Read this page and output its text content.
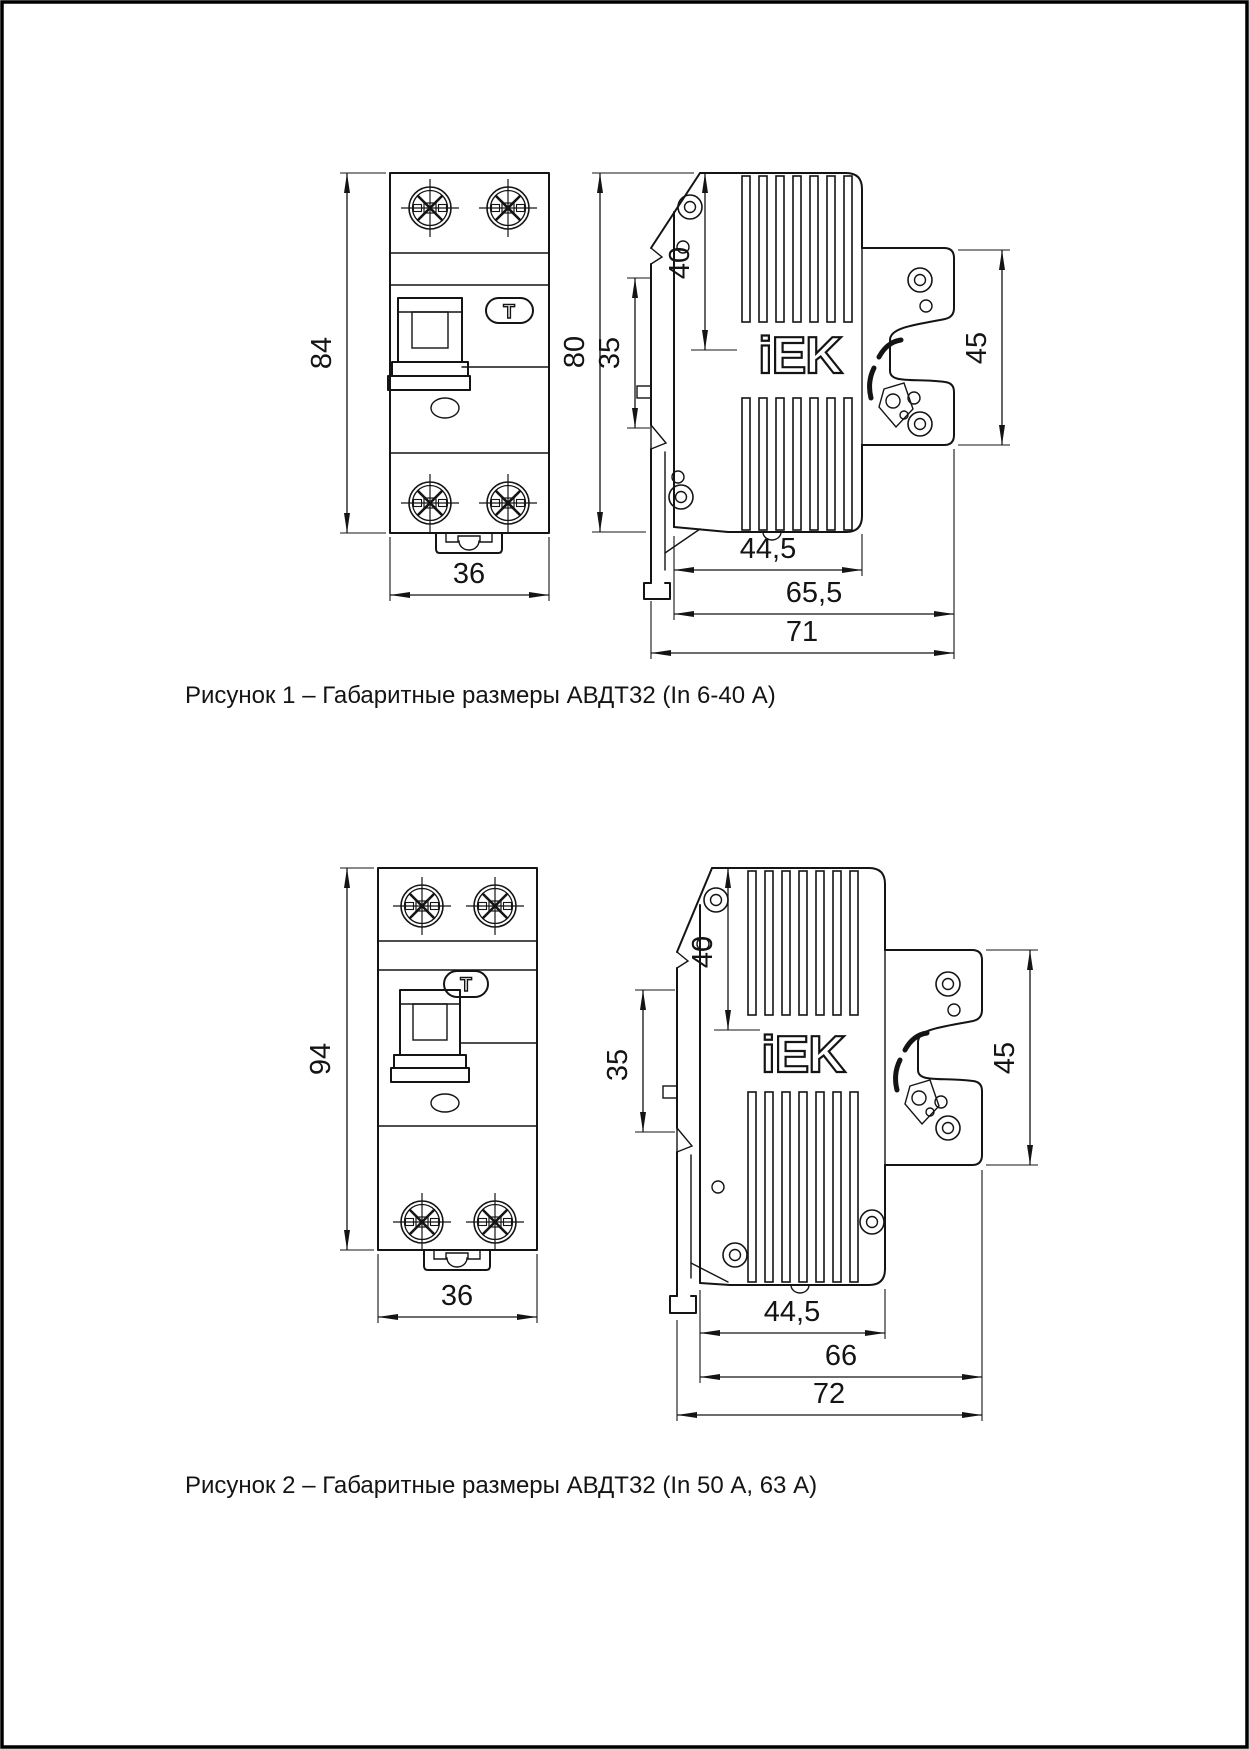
Т
84
36
iEK
80 35
40
45
44,5
65,5
71
Рисунок 1 – Габаритные размеры АВДТ32 (In 6-40 А)
Т
94
36
iEK
35
40
45
44,5
66
72
Рисунок 2 – Габаритные размеры АВДТ32 (In 50 А, 63 А)
